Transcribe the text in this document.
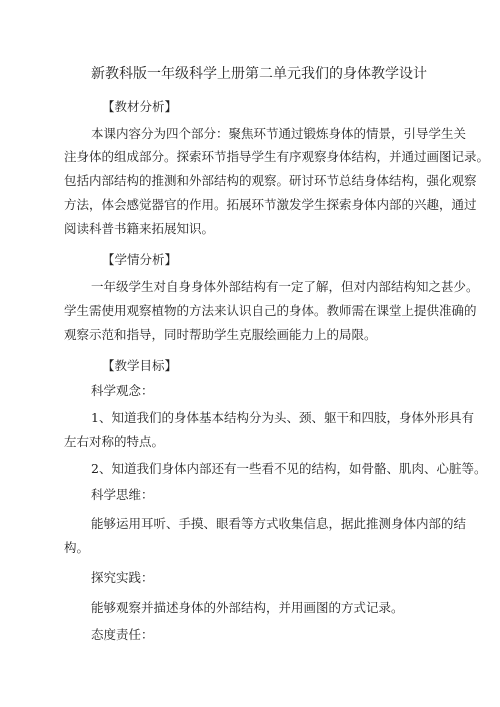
新教科版一年级科学上册第二单元我们的身体教学设计
【教材分析】
本课内容分为四个部分：聚焦环节通过锻炼身体的情景，引导学生关
注身体的组成部分。探索环节指导学生有序观察身体结构，并通过画图记录。
包括内部结构的推测和外部结构的观察。研讨环节总结身体结构，强化观察
方法，体会感觉器官的作用。拓展环节激发学生探索身体内部的兴趣，通过
阅读科普书籍来拓展知识。
【学情分析】
一年级学生对自身身体外部结构有一定了解，但对内部结构知之甚少。
学生需使用观察植物的方法来认识自己的身体。教师需在课堂上提供准确的
观察示范和指导，同时帮助学生克服绘画能力上的局限。
【教学目标】
科学观念：
1、知道我们的身体基本结构分为头、颈、躯干和四肢，身体外形具有
左右对称的特点。
2、知道我们身体内部还有一些看不见的结构，如骨骼、肌肉、心脏等。
科学思维：
能够运用耳听、手摸、眼看等方式收集信息，据此推测身体内部的结
构。
探究实践：
能够观察并描述身体的外部结构，并用画图的方式记录。
态度责任：
